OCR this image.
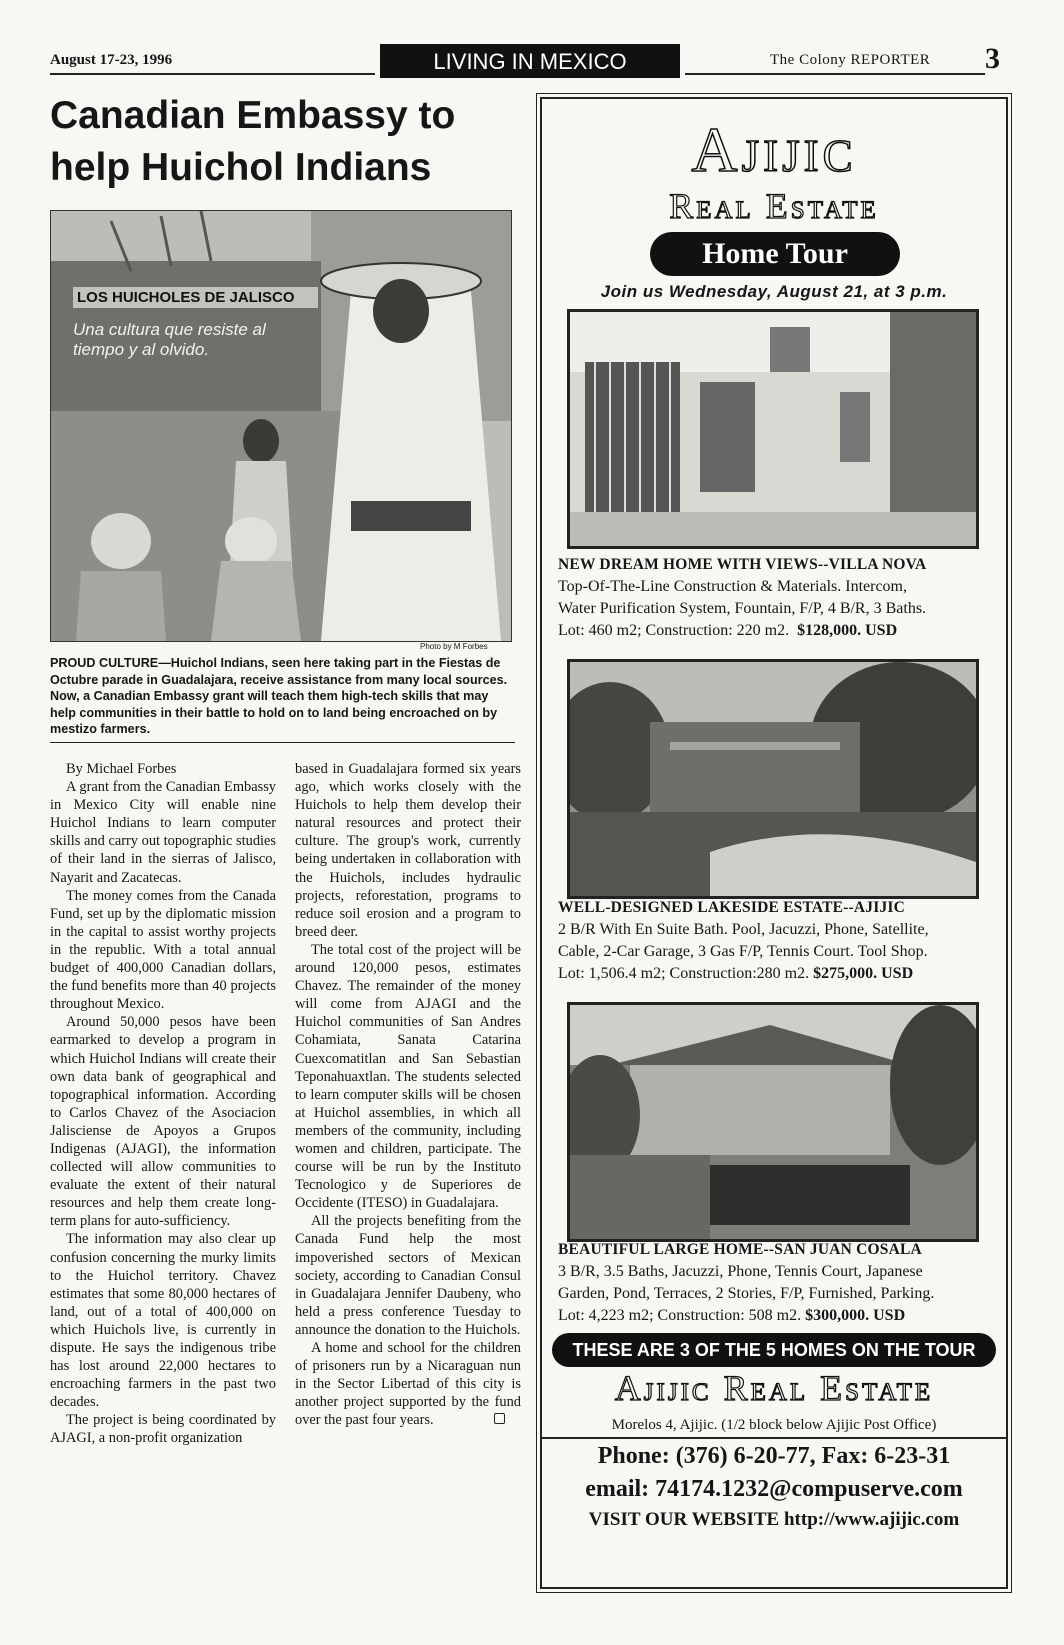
August 17-23, 1996	LIVING IN MEXICO	The Colony REPORTER 3
Canadian Embassy to
help Huichol Indians
LOS HUICHOLES DE JALISCO
Una cultura que resiste al
tiempo y al olvido.
Photo by M Forbes
PROUD CULTURE—Huichol Indians, seen here taking part in the Fiestas de Octubre parade in Guadalajara, receive assistance from many local sources. Now, a Canadian Embassy grant will teach them high-tech skills that may help communities in their battle to hold on to land being encroached on by mestizo farmers.

By Michael Forbes

A grant from the Canadian Embassy in Mexico City will enable nine Huichol Indians to learn computer skills and carry out topographic studies of their land in the sierras of Jalisco, Nayarit and Zacatecas.

The money comes from the Canada Fund, set up by the diplomatic mission in the capital to assist worthy projects in the republic. With a total annual budget of 400,000 Canadian dollars, the fund benefits more than 40 projects throughout Mexico.

Around 50,000 pesos have been earmarked to develop a program in which Huichol Indians will create their own data bank of geographical and topographical information. According to Carlos Chavez of the Asociacion Jalisciense de Apoyos a Grupos Indigenas (AJAGI), the information collected will allow communities to evaluate the extent of their natural resources and help them create long-term plans for auto-sufficiency.

The information may also clear up confusion concerning the murky limits to the Huichol territory. Chavez estimates that some 80,000 hectares of land, out of a total of 400,000 on which Huichols live, is currently in dispute. He says the indigenous tribe has lost around 22,000 hectares to encroaching farmers in the past two decades.

The project is being coordinated by AJAGI, a non-profit organization

based in Guadalajara formed six years ago, which works closely with the Huichols to help them develop their natural resources and protect their culture. The group's work, currently being undertaken in collaboration with the Huichols, includes hydraulic projects, reforestation, programs to reduce soil erosion and a program to breed deer.

The total cost of the project will be around 120,000 pesos, estimates Chavez. The remainder of the money will come from AJAGI and the Huichol communities of San Andres Cohamiata, Sanata Catarina Cuexcomatitlan and San Sebastian Teponahuaxtlan. The students selected to learn computer skills will be chosen at Huichol assemblies, in which all members of the community, including women and children, participate. The course will be run by the Instituto Tecnologico y de Superiores de Occidente (ITESO) in Guadalajara.

All the projects benefiting from the Canada Fund help the most impoverished sectors of Mexican society, according to Canadian Consul in Guadalajara Jennifer Daubeny, who held a press conference Tuesday to announce the donation to the Huichols.

A home and school for the children of prisoners run by a Nicaraguan nun in the Sector Libertad of this city is another project supported by the fund over the past four years.

Ajijic
Real Estate
Home Tour
Join us Wednesday, August 21, at 3 p.m.
NEW DREAM HOME WITH VIEWS--VILLA NOVA
Top-Of-The-Line Construction & Materials. Intercom,
Water Purification System, Fountain, F/P, 4 B/R, 3 Baths.
Lot: 460 m2; Construction: 220 m2. $128,000. USD
WELL-DESIGNED LAKESIDE ESTATE--AJIJIC
2 B/R With En Suite Bath. Pool, Jacuzzi, Phone, Satellite,
Cable, 2-Car Garage, 3 Gas F/P, Tennis Court. Tool Shop.
Lot: 1,506.4 m2; Construction:280 m2. $275,000. USD
BEAUTIFUL LARGE HOME--SAN JUAN COSALA
3 B/R, 3.5 Baths, Jacuzzi, Phone, Tennis Court, Japanese
Garden, Pond, Terraces, 2 Stories, F/P, Furnished, Parking.
Lot: 4,223 m2; Construction: 508 m2. $300,000. USD
THESE ARE 3 OF THE 5 HOMES ON THE TOUR
Ajijic Real Estate
Morelos 4, Ajijic. (1/2 block below Ajijic Post Office)
Phone: (376) 6-20-77, Fax: 6-23-31
email: 74174.1232@compuserve.com
VISIT OUR WEBSITE http://www.ajijic.com
